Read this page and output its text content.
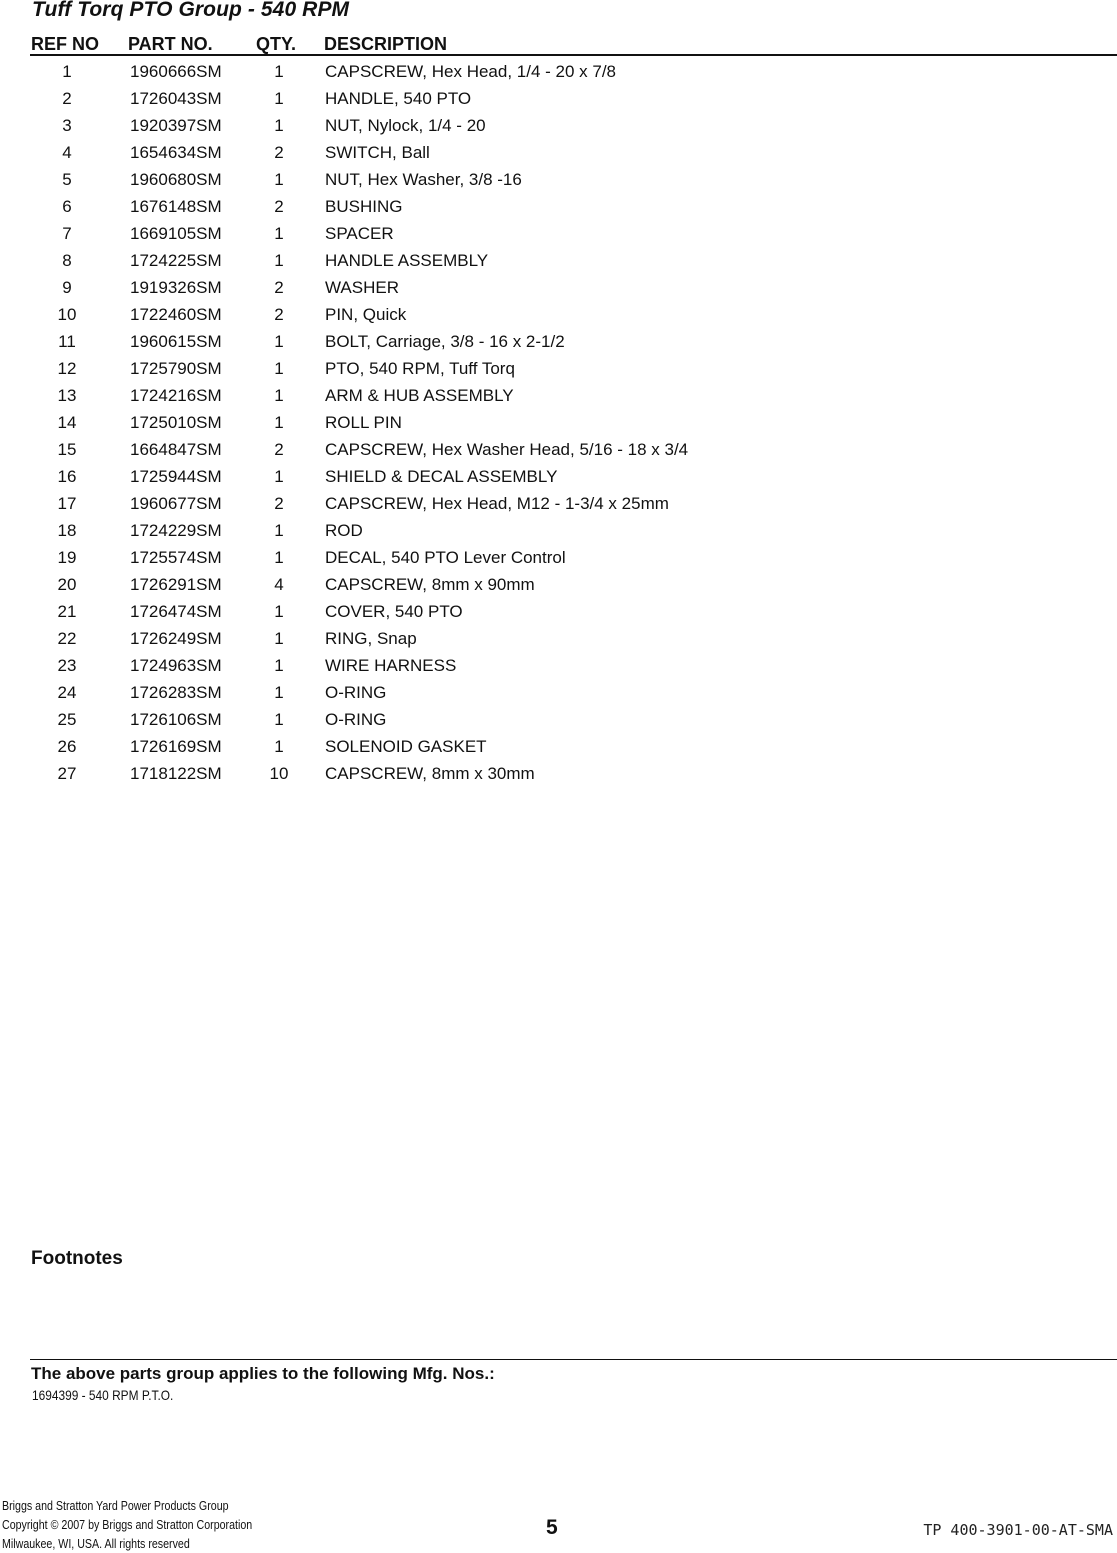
Tuff Torq PTO Group - 540 RPM
REF NO PART NO. QTY. DESCRIPTION
1	1960666SM	1	CAPSCREW, Hex Head, 1/4 - 20 x 7/8
2	1726043SM	1	HANDLE, 540 PTO
3	1920397SM	1	NUT, Nylock, 1/4 - 20
4	1654634SM	2	SWITCH, Ball
5	1960680SM	1	NUT, Hex Washer, 3/8 -16
6	1676148SM	2	BUSHING
7	1669105SM	1	SPACER
8	1724225SM	1	HANDLE ASSEMBLY
9	1919326SM	2	WASHER
10	1722460SM	2	PIN, Quick
11	1960615SM	1	BOLT, Carriage, 3/8 - 16 x 2-1/2
12	1725790SM	1	PTO, 540 RPM, Tuff Torq
13	1724216SM	1	ARM & HUB ASSEMBLY
14	1725010SM	1	ROLL PIN
15	1664847SM	2	CAPSCREW, Hex Washer Head, 5/16 - 18 x 3/4
16	1725944SM	1	SHIELD & DECAL ASSEMBLY
17	1960677SM	2	CAPSCREW, Hex Head, M12 - 1-3/4 x 25mm
18	1724229SM	1	ROD
19	1725574SM	1	DECAL, 540 PTO Lever Control
20	1726291SM	4	CAPSCREW, 8mm x 90mm
21	1726474SM	1	COVER, 540 PTO
22	1726249SM	1	RING, Snap
23	1724963SM	1	WIRE HARNESS
24	1726283SM	1	O-RING
25	1726106SM	1	O-RING
26	1726169SM	1	SOLENOID GASKET
27	1718122SM	10	CAPSCREW, 8mm x 30mm
Footnotes
The above parts group applies to the following Mfg. Nos.:
1694399 - 540 RPM P.T.O.
Briggs and Stratton Yard Power Products Group
Copyright © 2007 by Briggs and Stratton Corporation
Milwaukee, WI, USA. All rights reserved
5	TP 400-3901-00-AT-SMA
